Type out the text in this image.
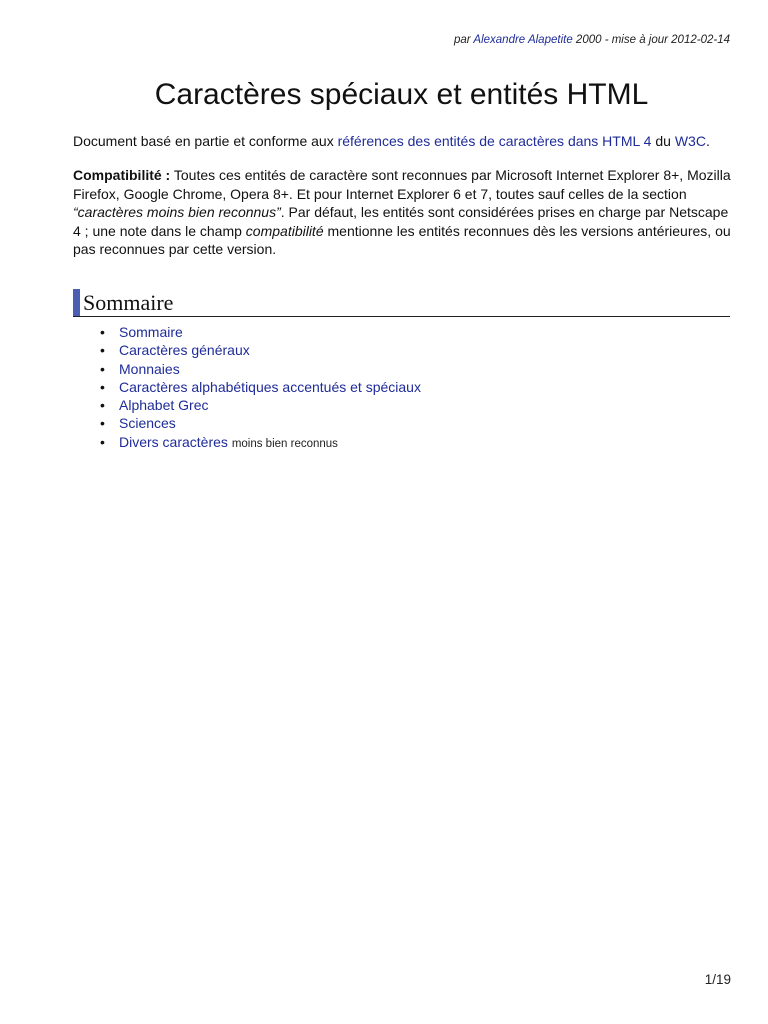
par Alexandre Alapetite 2000 - mise à jour 2012-02-14
Caractères spéciaux et entités HTML

Document basé en partie et conforme aux références des entités de caractères dans HTML 4 du W3C.

Compatibilité : Toutes ces entités de caractère sont reconnues par Microsoft Internet Explorer 8+, Mozilla Firefox, Google Chrome, Opera 8+. Et pour Internet Explorer 6 et 7, toutes sauf celles de la section “caractères moins bien reconnus”. Par défaut, les entités sont considérées prises en charge par Netscape 4 ; une note dans le champ compatibilité mentionne les entités reconnues dès les versions antérieures, ou pas reconnues par cette version.

Sommaire
• Sommaire
• Caractères généraux
• Monnaies
• Caractères alphabétiques accentués et spéciaux
• Alphabet Grec
• Sciences
• Divers caractères moins bien reconnus
1/19
